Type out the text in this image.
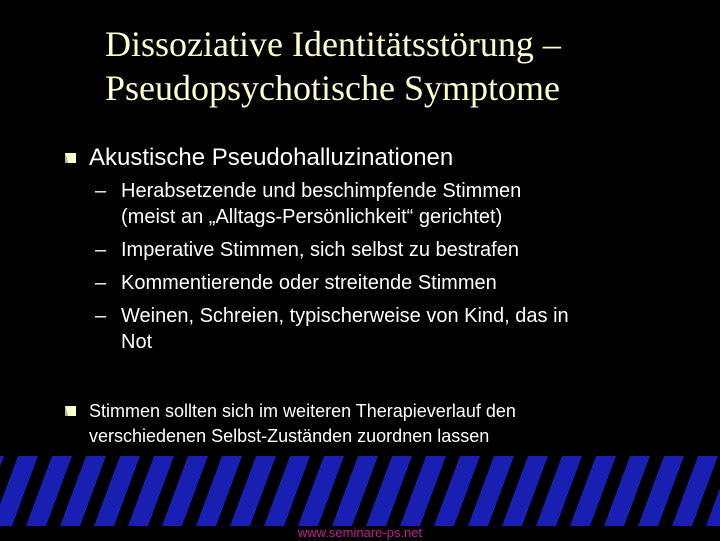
Dissoziative Identitätsstörung –
Pseudopsychotische Symptome
Akustische Pseudohalluzinationen
– Herabsetzende und beschimpfende Stimmen
(meist an „Alltags-Persönlichkeit“ gerichtet)
– Imperative Stimmen, sich selbst zu bestrafen
– Kommentierende oder streitende Stimmen
– Weinen, Schreien, typischerweise von Kind, das in
Not
Stimmen sollten sich im weiteren Therapieverlauf den
verschiedenen Selbst-Zuständen zuordnen lassen
www.seminare-ps.net
